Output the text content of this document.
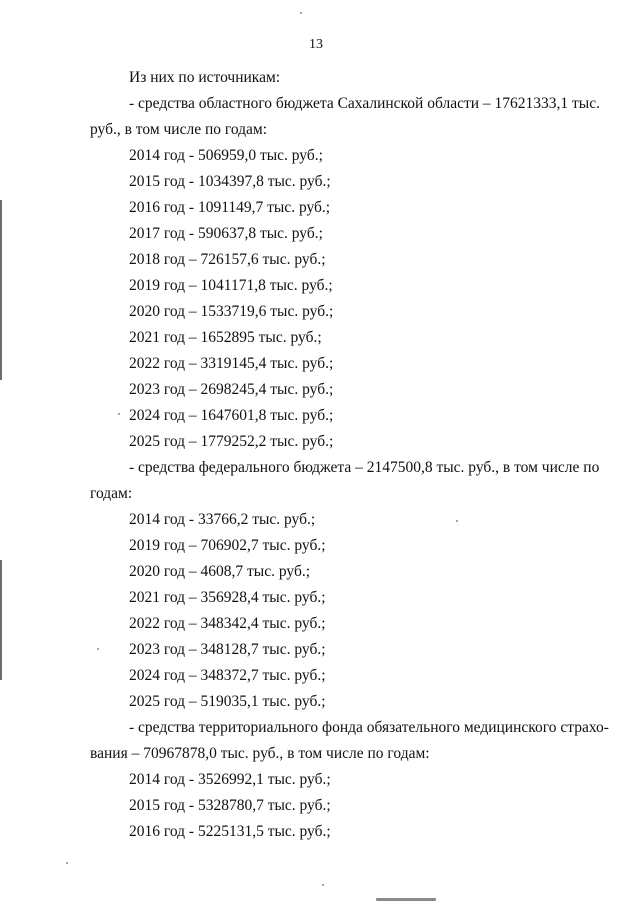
13
Из них по источникам:
- средства областного бюджета Сахалинской области – 17621333,1 тыс.
руб., в том числе по годам:
2014 год - 506959,0 тыс. руб.;
2015 год - 1034397,8 тыс. руб.;
2016 год - 1091149,7 тыс. руб.;
2017 год - 590637,8 тыс. руб.;
2018 год – 726157,6 тыс. руб.;
2019 год – 1041171,8 тыс. руб.;
2020 год – 1533719,6 тыс. руб.;
2021 год – 1652895 тыс. руб.;
2022 год – 3319145,4 тыс. руб.;
2023 год – 2698245,4 тыс. руб.;
2024 год – 1647601,8 тыс. руб.;
2025 год – 1779252,2 тыс. руб.;
- средства федерального бюджета – 2147500,8 тыс. руб., в том числе по
годам:
2014 год - 33766,2 тыс. руб.;
2019 год – 706902,7 тыс. руб.;
2020 год – 4608,7 тыс. руб.;
2021 год – 356928,4 тыс. руб.;
2022 год – 348342,4 тыс. руб.;
2023 год – 348128,7 тыс. руб.;
2024 год – 348372,7 тыс. руб.;
2025 год – 519035,1 тыс. руб.;
- средства территориального фонда обязательного медицинского страхо-
вания – 70967878,0 тыс. руб., в том числе по годам:
2014 год - 3526992,1 тыс. руб.;
2015 год - 5328780,7 тыс. руб.;
2016 год - 5225131,5 тыс. руб.;
